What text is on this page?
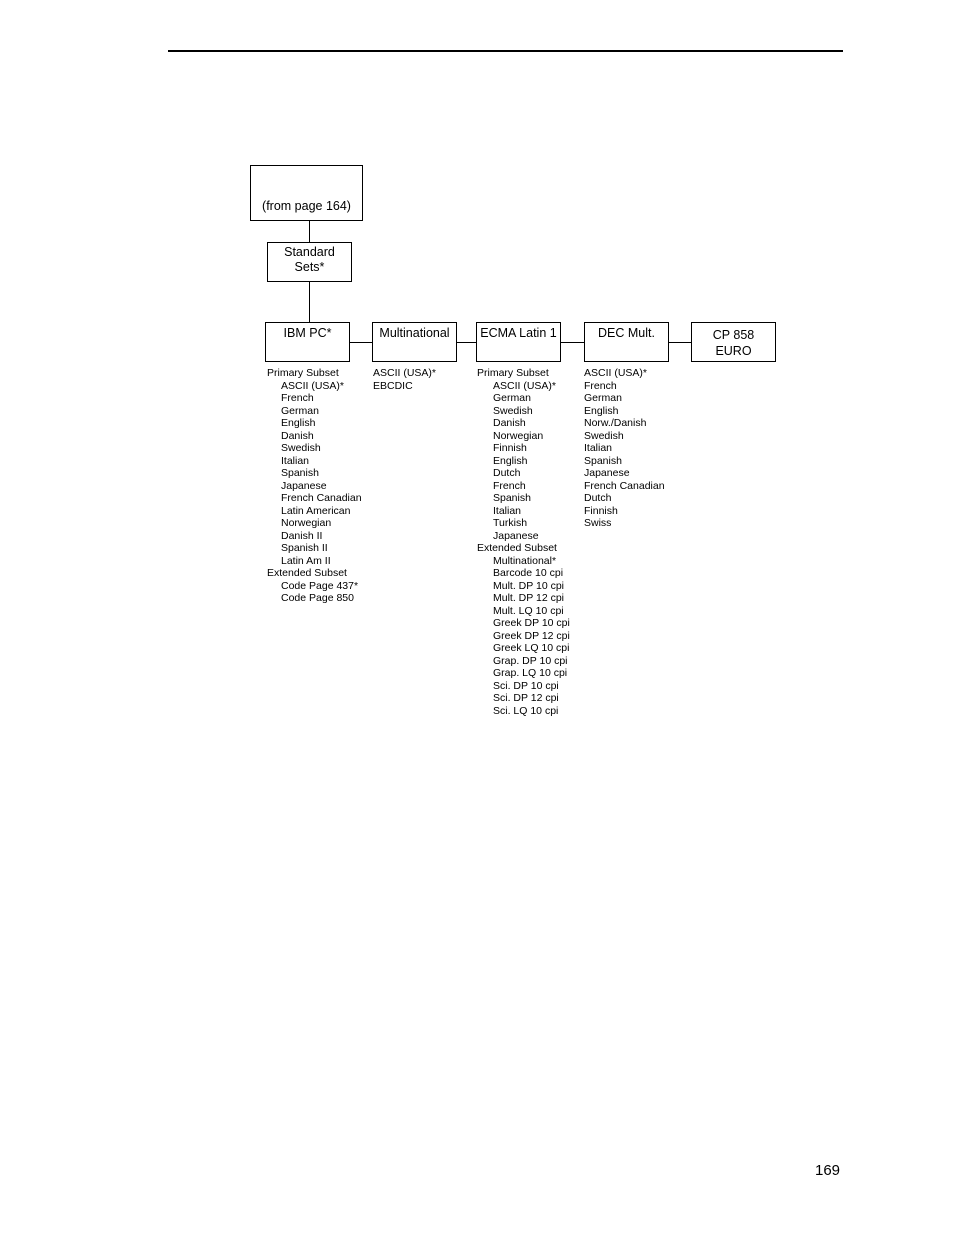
(from page 164)
Standard
Sets*
IBM PC*	Multinational	ECMA Latin 1	DEC Mult.	CP 858
EURO
Primary Subset
ASCII (USA)*
French
German
English
Danish
Swedish
Italian
Spanish
Japanese
French Canadian
Latin American
Norwegian
Danish II
Spanish II
Latin Am II
Extended Subset
Code Page 437*
Code Page 850
ASCII (USA)*
EBCDIC
Primary Subset
ASCII (USA)*
German
Swedish
Danish
Norwegian
Finnish
English
Dutch
French
Spanish
Italian
Turkish
Japanese
Extended Subset
Multinational*
Barcode 10 cpi
Mult. DP 10 cpi
Mult. DP 12 cpi
Mult. LQ 10 cpi
Greek DP 10 cpi
Greek DP 12 cpi
Greek LQ 10 cpi
Grap. DP 10 cpi
Grap. LQ 10 cpi
Sci. DP 10 cpi
Sci. DP 12 cpi
Sci. LQ 10 cpi
ASCII (USA)*
French
German
English
Norw./Danish
Swedish
Italian
Spanish
Japanese
French Canadian
Dutch
Finnish
Swiss
169
